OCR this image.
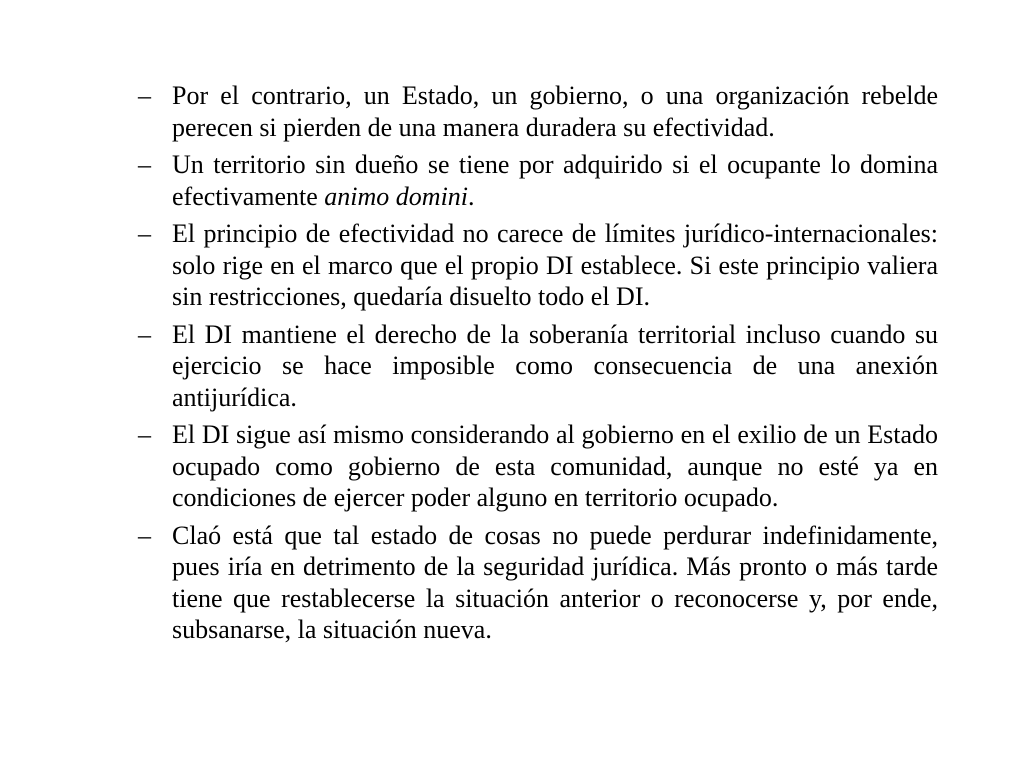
– Por el contrario, un Estado, un gobierno, o una organización rebelde perecen si pierden de una manera duradera su efectividad.
– Un territorio sin dueño se tiene por adquirido si el ocupante lo domina efectivamente animo domini.
– El principio de efectividad no carece de límites jurídico-internacionales: solo rige en el marco que el propio DI establece. Si este principio valiera sin restricciones, quedaría disuelto todo el DI.
– El DI mantiene el derecho de la soberanía territorial incluso cuando su ejercicio se hace imposible como consecuencia de una anexión antijurídica.
– El DI sigue así mismo considerando al gobierno en el exilio de un Estado ocupado como gobierno de esta comunidad, aunque no esté ya en condiciones de ejercer poder alguno en territorio ocupado.
– Claó está que tal estado de cosas no puede perdurar indefinidamente, pues iría en detrimento de la seguridad jurídica. Más pronto o más tarde tiene que restablecerse la situación anterior o reconocerse y, por ende, subsanarse, la situación nueva.
